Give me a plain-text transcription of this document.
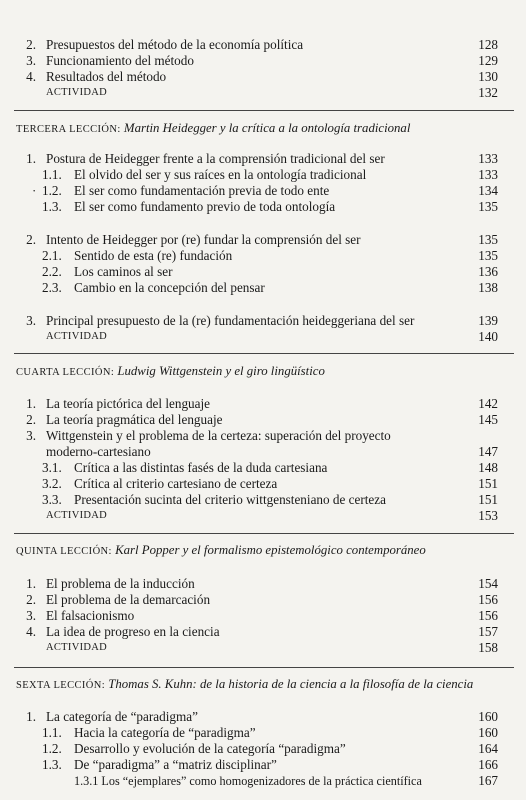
2. Presupuestos del método de la economía política	128
3. Funcionamiento del método	129
4. Resultados del método	130
ACTIVIDAD	132
TERCERA LECCIÓN: Martin Heidegger y la crítica a la ontología tradicional
1. Postura de Heidegger frente a la comprensión tradicional del ser	133
1.1. El olvido del ser y sus raíces en la ontología tradicional	133
· 1.2. El ser como fundamentación previa de todo ente	134
1.3. El ser como fundamento previo de toda ontología	135
2. Intento de Heidegger por (re) fundar la comprensión del ser	135
2.1. Sentido de esta (re) fundación	135
2.2. Los caminos al ser	136
2.3. Cambio en la concepción del pensar	138
3. Principal presupuesto de la (re) fundamentación heideggeriana del ser	139
ACTIVIDAD	140
CUARTA LECCIÓN: Ludwig Wittgenstein y el giro lingüístico
1. La teoría pictórica del lenguaje	142
2. La teoría pragmática del lenguaje	145
3. Wittgenstein y el problema de la certeza: superación del proyecto
moderno-cartesiano	147
3.1. Crítica a las distintas fasés de la duda cartesiana	148
3.2. Crítica al criterio cartesiano de certeza	151
3.3. Presentación sucinta del criterio wittgensteniano de certeza	151
ACTIVIDAD	153
QUINTA LECCIÓN: Karl Popper y el formalismo epistemológico contemporáneo
1. El problema de la inducción	154
2. El problema de la demarcación	156
3. El falsacionismo	156
4. La idea de progreso en la ciencia	157
ACTIVIDAD	158
SEXTA LECCIÓN: Thomas S. Kuhn: de la historia de la ciencia a la filosofía de la ciencia
1. La categoría de “paradigma”	160
1.1. Hacia la categoría de “paradigma”	160
1.2. Desarrollo y evolución de la categoría “paradigma”	164
1.3. De “paradigma” a “matriz disciplinar”	166
1.3.1 Los “ejemplares” como homogenizadores de la práctica científica	167
